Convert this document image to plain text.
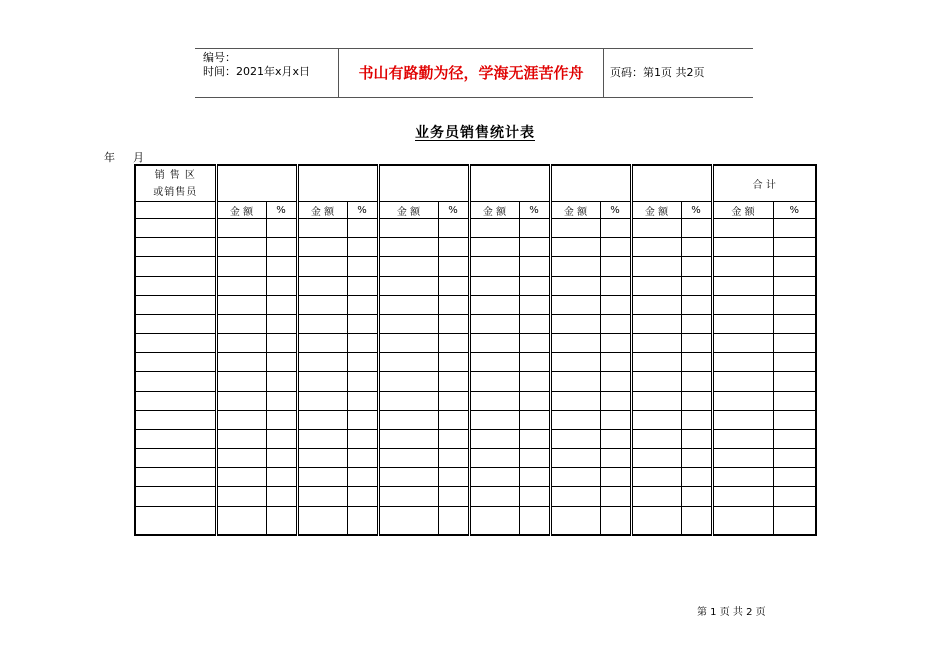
编号：
时间：2021年x月x日	书山有路勤为径，学海无涯苦作舟	页码：第1页 共2页
业务员销售统计表
年 月
销 售 区
或销售员													合 计	
	金 额	%	金 额	%	金 额	%	金 额	%	金 额	%	金 额	%	金 额	%

第 1 页 共 2 页
